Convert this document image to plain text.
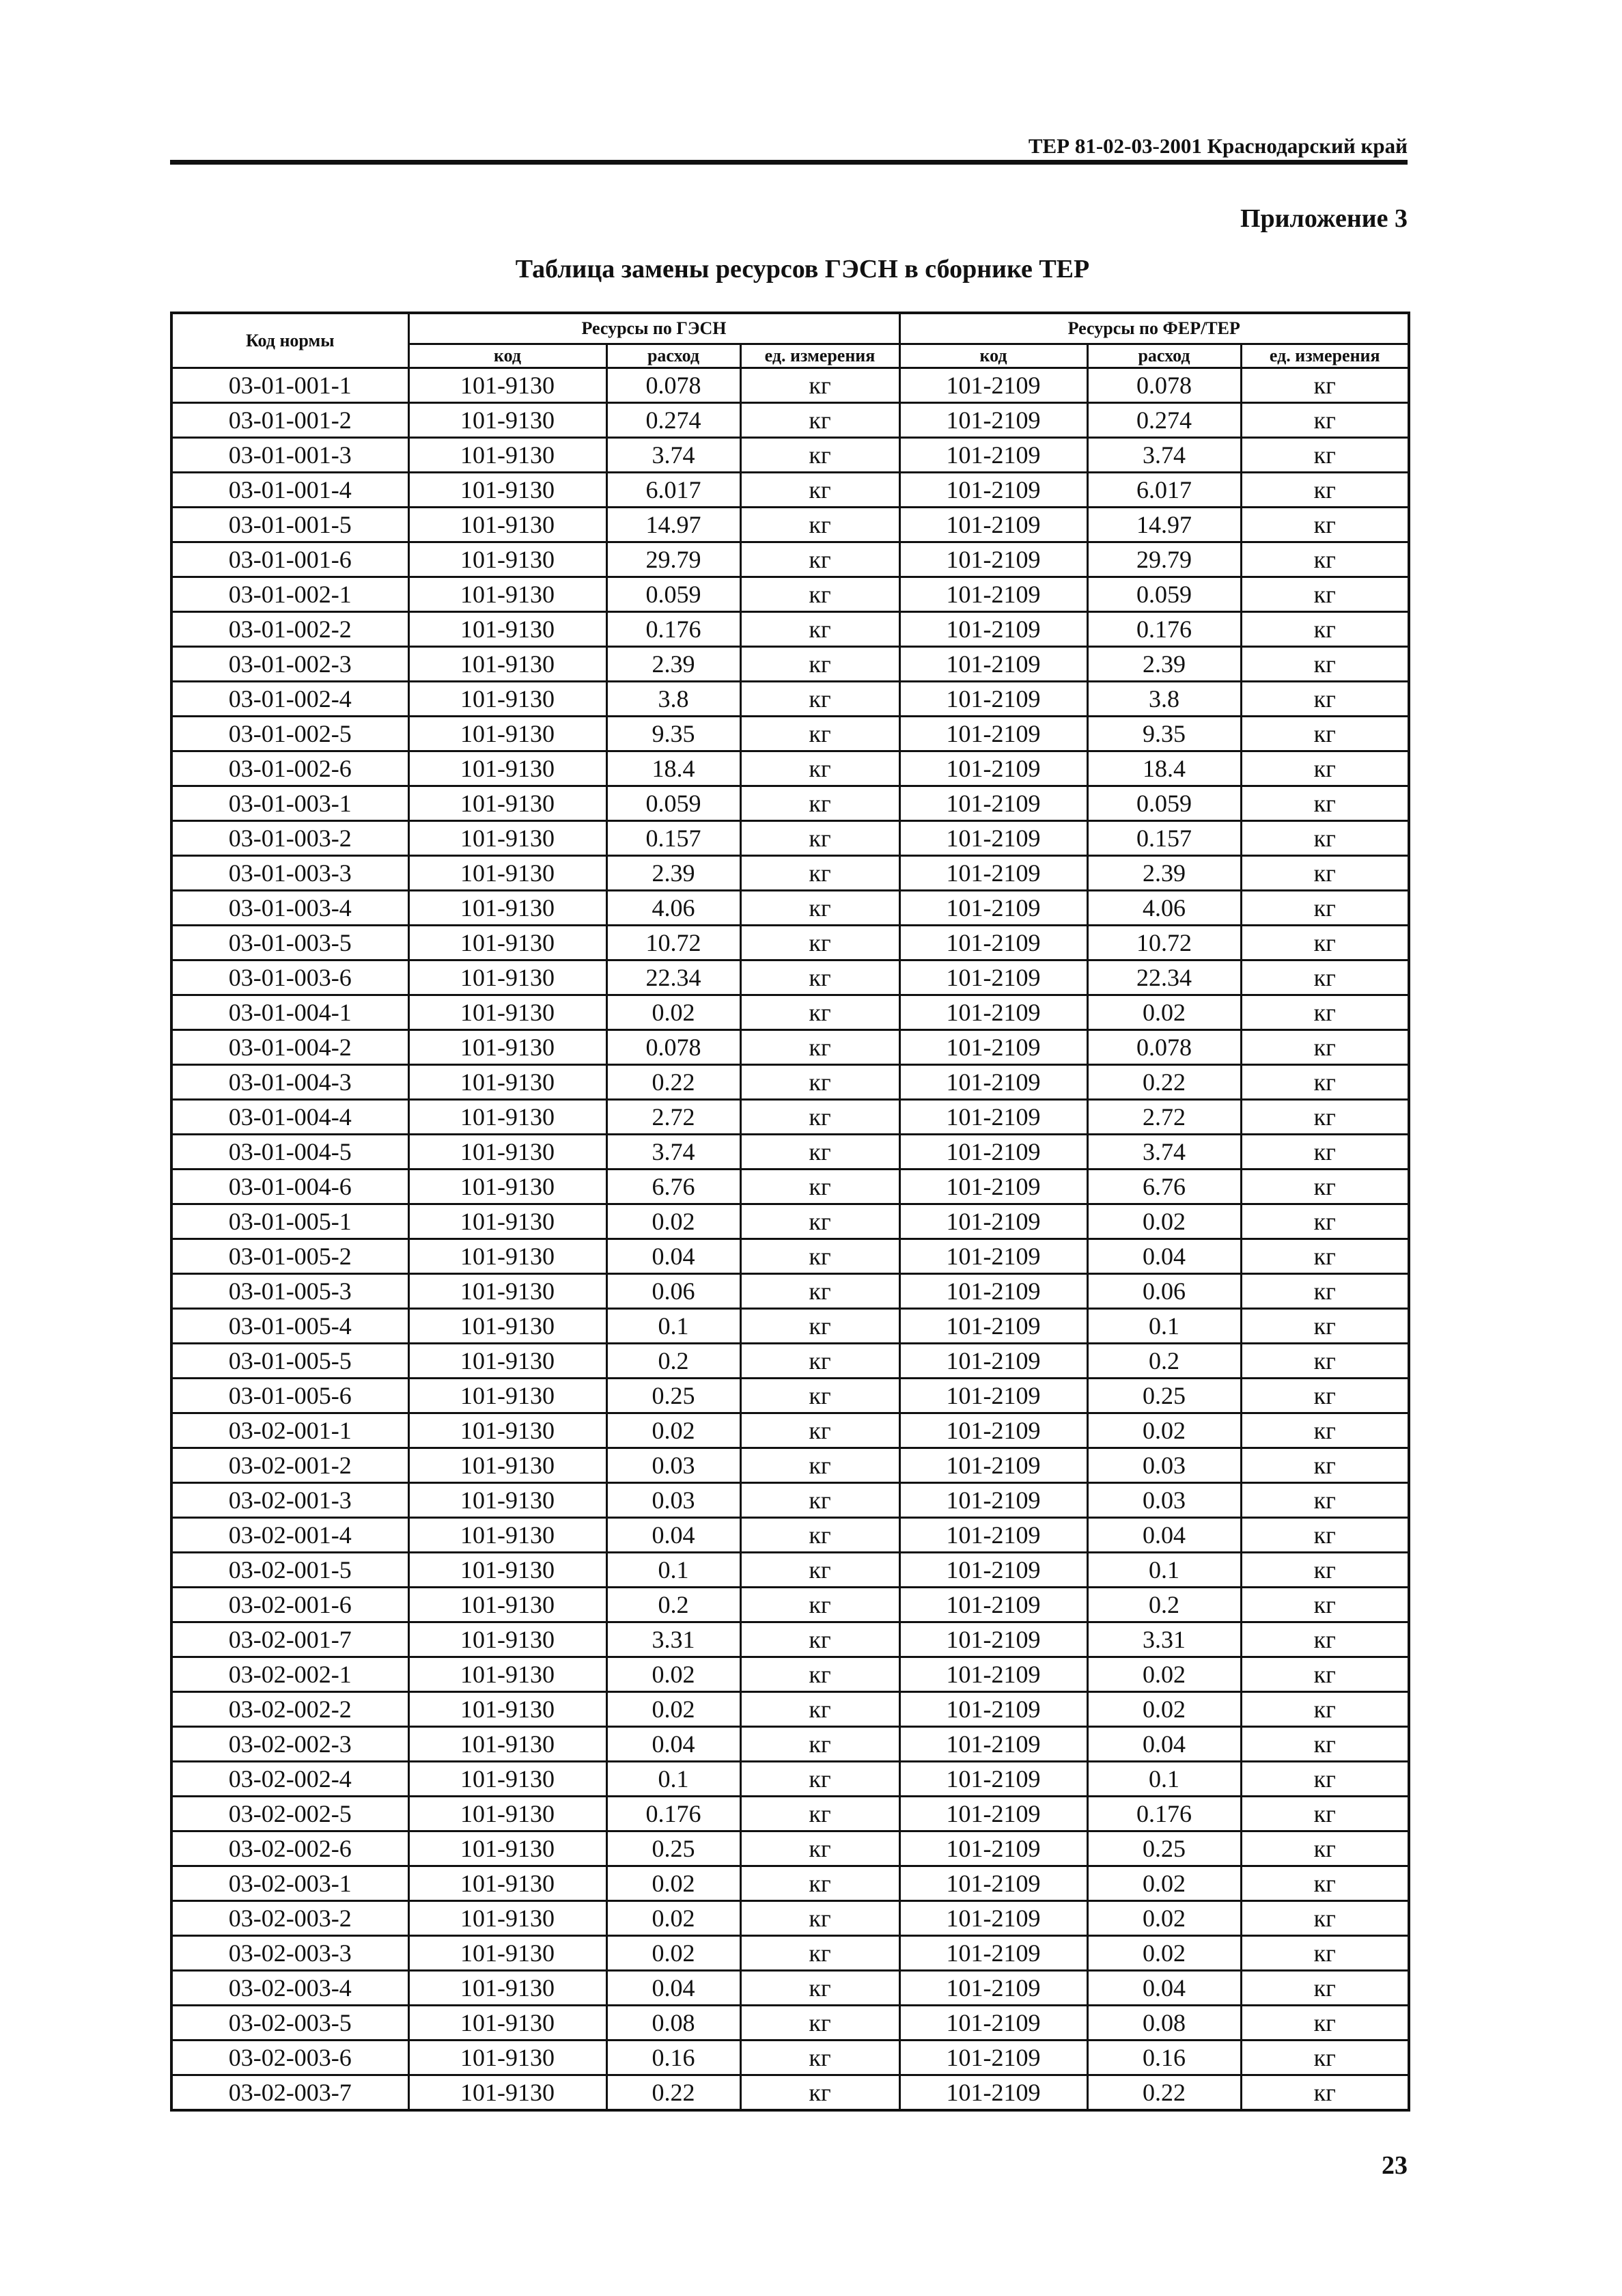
ТЕР 81-02-03-2001 Краснодарский край
Приложение 3
Таблица замены ресурсов ГЭСН в сборнике ТЕР
Код нормы	Ресурсы по ГЭСН			Ресурсы по ФЕР/ТЕР		
	код	расход	ед. измерения	код	расход	ед. измерения
03-01-001-1	101-9130	0.078	кг	101-2109	0.078	кг
03-01-001-2	101-9130	0.274	кг	101-2109	0.274	кг
03-01-001-3	101-9130	3.74	кг	101-2109	3.74	кг
03-01-001-4	101-9130	6.017	кг	101-2109	6.017	кг
03-01-001-5	101-9130	14.97	кг	101-2109	14.97	кг
03-01-001-6	101-9130	29.79	кг	101-2109	29.79	кг
03-01-002-1	101-9130	0.059	кг	101-2109	0.059	кг
03-01-002-2	101-9130	0.176	кг	101-2109	0.176	кг
03-01-002-3	101-9130	2.39	кг	101-2109	2.39	кг
03-01-002-4	101-9130	3.8	кг	101-2109	3.8	кг
03-01-002-5	101-9130	9.35	кг	101-2109	9.35	кг
03-01-002-6	101-9130	18.4	кг	101-2109	18.4	кг
03-01-003-1	101-9130	0.059	кг	101-2109	0.059	кг
03-01-003-2	101-9130	0.157	кг	101-2109	0.157	кг
03-01-003-3	101-9130	2.39	кг	101-2109	2.39	кг
03-01-003-4	101-9130	4.06	кг	101-2109	4.06	кг
03-01-003-5	101-9130	10.72	кг	101-2109	10.72	кг
03-01-003-6	101-9130	22.34	кг	101-2109	22.34	кг
03-01-004-1	101-9130	0.02	кг	101-2109	0.02	кг
03-01-004-2	101-9130	0.078	кг	101-2109	0.078	кг
03-01-004-3	101-9130	0.22	кг	101-2109	0.22	кг
03-01-004-4	101-9130	2.72	кг	101-2109	2.72	кг
03-01-004-5	101-9130	3.74	кг	101-2109	3.74	кг
03-01-004-6	101-9130	6.76	кг	101-2109	6.76	кг
03-01-005-1	101-9130	0.02	кг	101-2109	0.02	кг
03-01-005-2	101-9130	0.04	кг	101-2109	0.04	кг
03-01-005-3	101-9130	0.06	кг	101-2109	0.06	кг
03-01-005-4	101-9130	0.1	кг	101-2109	0.1	кг
03-01-005-5	101-9130	0.2	кг	101-2109	0.2	кг
03-01-005-6	101-9130	0.25	кг	101-2109	0.25	кг
03-02-001-1	101-9130	0.02	кг	101-2109	0.02	кг
03-02-001-2	101-9130	0.03	кг	101-2109	0.03	кг
03-02-001-3	101-9130	0.03	кг	101-2109	0.03	кг
03-02-001-4	101-9130	0.04	кг	101-2109	0.04	кг
03-02-001-5	101-9130	0.1	кг	101-2109	0.1	кг
03-02-001-6	101-9130	0.2	кг	101-2109	0.2	кг
03-02-001-7	101-9130	3.31	кг	101-2109	3.31	кг
03-02-002-1	101-9130	0.02	кг	101-2109	0.02	кг
03-02-002-2	101-9130	0.02	кг	101-2109	0.02	кг
03-02-002-3	101-9130	0.04	кг	101-2109	0.04	кг
03-02-002-4	101-9130	0.1	кг	101-2109	0.1	кг
03-02-002-5	101-9130	0.176	кг	101-2109	0.176	кг
03-02-002-6	101-9130	0.25	кг	101-2109	0.25	кг
03-02-003-1	101-9130	0.02	кг	101-2109	0.02	кг
03-02-003-2	101-9130	0.02	кг	101-2109	0.02	кг
03-02-003-3	101-9130	0.02	кг	101-2109	0.02	кг
03-02-003-4	101-9130	0.04	кг	101-2109	0.04	кг
03-02-003-5	101-9130	0.08	кг	101-2109	0.08	кг
03-02-003-6	101-9130	0.16	кг	101-2109	0.16	кг
03-02-003-7	101-9130	0.22	кг	101-2109	0.22	кг
23
